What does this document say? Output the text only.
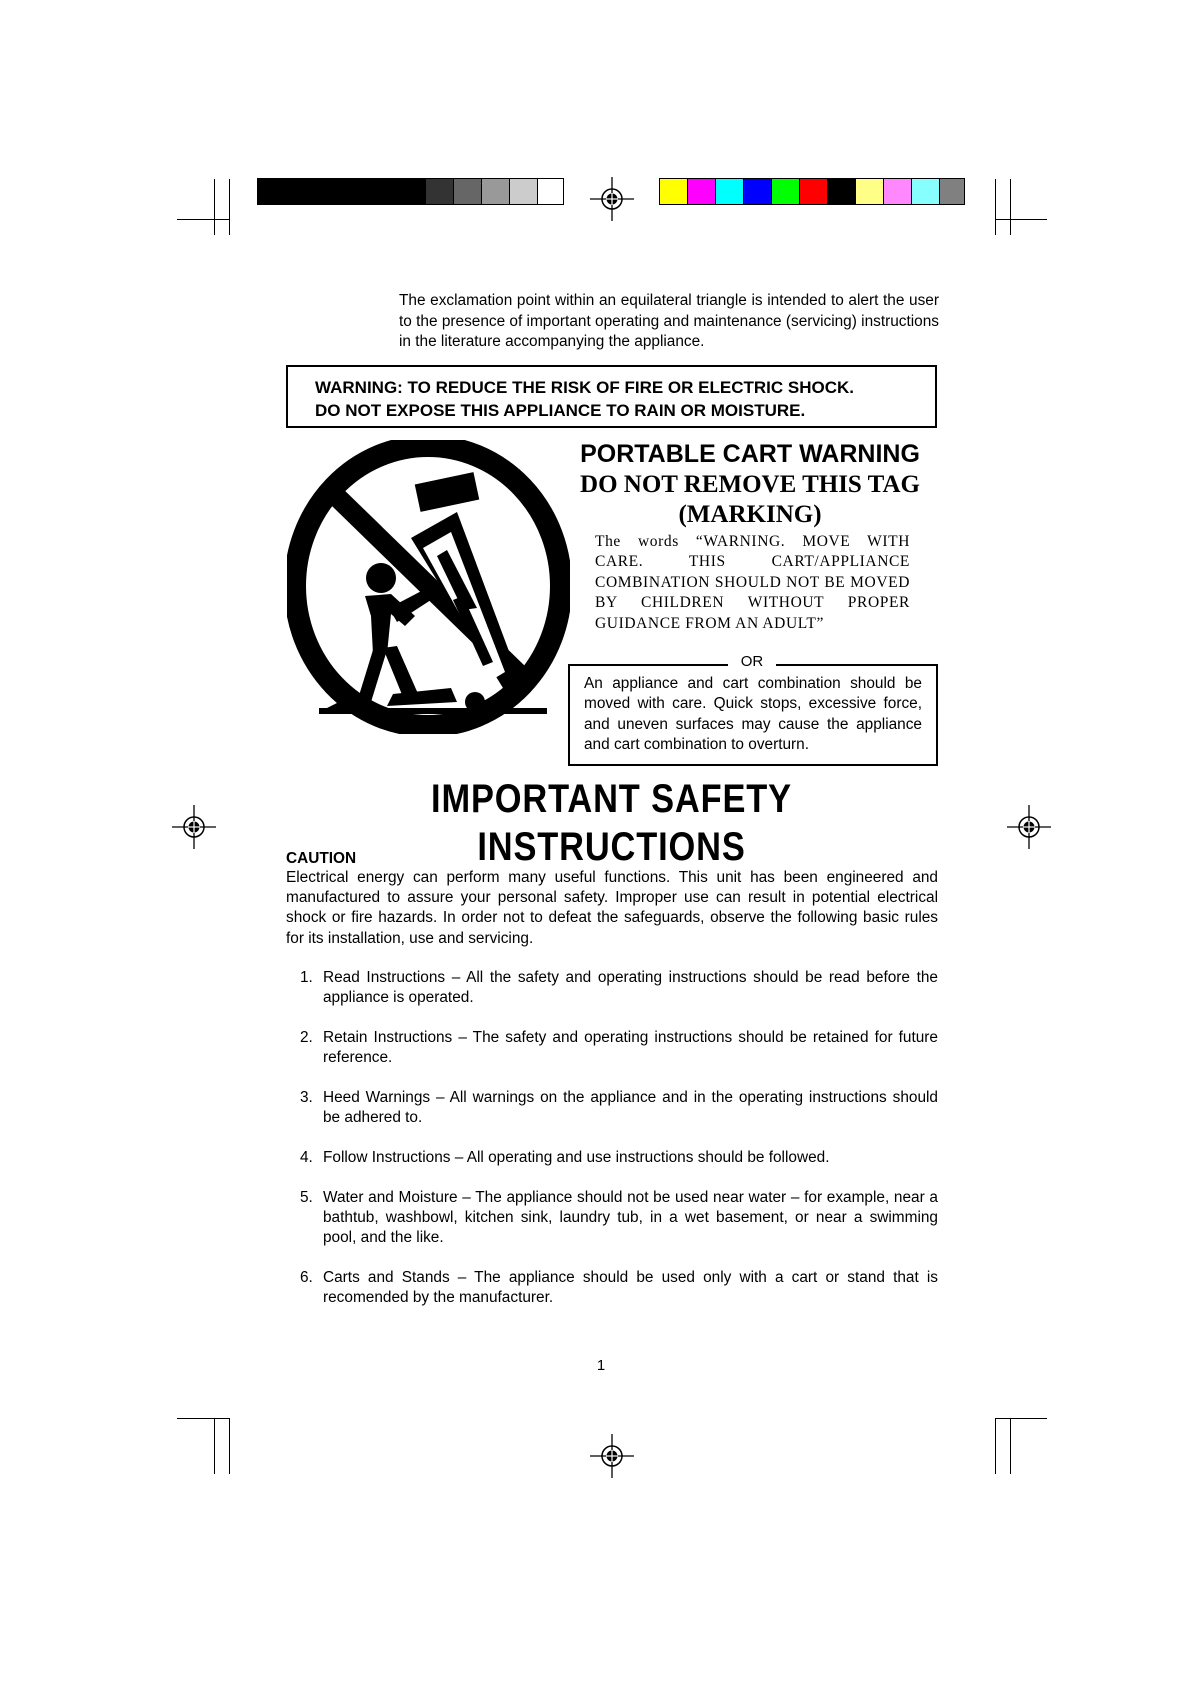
The exclamation point within an equilateral triangle is intended to alert the user to the presence of important operating and maintenance (servicing) instructions in the literature accompanying the appliance.
WARNING: TO REDUCE THE RISK OF FIRE OR ELECTRIC SHOCK.
DO NOT EXPOSE THIS APPLIANCE TO RAIN OR MOISTURE.
PORTABLE CART WARNING
DO NOT REMOVE THIS TAG (MARKING)
The words “WARNING. MOVE WITH CARE. THIS CART/APPLIANCE COMBINATION SHOULD NOT BE MOVED BY CHILDREN WITHOUT PROPER GUIDANCE FROM AN ADULT”
An appliance and cart combination should be moved with care. Quick stops, excessive force, and uneven surfaces may cause the appliance and cart combination to overturn.
OR
IMPORTANT SAFETY INSTRUCTIONS
CAUTION
Electrical energy can perform many useful functions. This unit has been engineered and manufactured to assure your personal safety. Improper use can result in potential electrical shock or fire hazards. In order not to defeat the safeguards, observe the following basic rules for its installation, use and servicing.
1. Read Instructions – All the safety and operating instructions should be read before the appliance is operated.
2. Retain Instructions – The safety and operating instructions should be retained for future reference.
3. Heed Warnings – All warnings on the appliance and in the operating instructions should be adhered to.
4. Follow Instructions – All operating and use instructions should be followed.
5. Water and Moisture – The appliance should not be used near water – for example, near a bathtub, washbowl, kitchen sink, laundry tub, in a wet basement, or near a swimming pool, and the like.
6. Carts and Stands – The appliance should be used only with a cart or stand that is recomended by the manufacturer.
1
